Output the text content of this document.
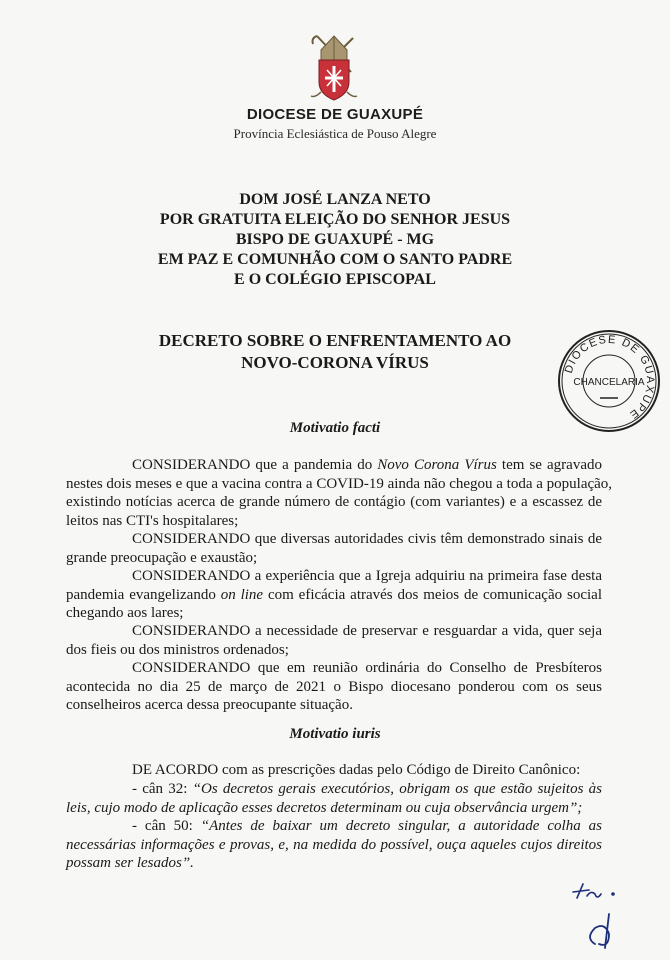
DIOCESE DE GUAXUPÉ
Província Eclesiástica de Pouso Alegre
DOM JOSÉ LANZA NETO
POR GRATUITA ELEIÇÃO DO SENHOR JESUS
BISPO DE GUAXUPÉ - MG
EM PAZ E COMUNHÃO COM O SANTO PADRE
E O COLÉGIO EPISCOPAL
DECRETO SOBRE O ENFRENTAMENTO AO
NOVO-CORONA VÍRUS	DIOCESE DE GUAXUPÉ
CHANCELARIA
Motivatio facti
CONSIDERANDO que a pandemia do Novo Corona Vírus tem se agravado
nestes dois meses e que a vacina contra a COVID-19 ainda não chegou a toda a população,
existindo notícias acerca de grande número de contágio (com variantes) e a escassez de
leitos nas CTI's hospitalares;
CONSIDERANDO que diversas autoridades civis têm demonstrado sinais de
grande preocupação e exaustão;
CONSIDERANDO a experiência que a Igreja adquiriu na primeira fase desta
pandemia evangelizando on line com eficácia através dos meios de comunicação social
chegando aos lares;
CONSIDERANDO a necessidade de preservar e resguardar a vida, quer seja
dos fieis ou dos ministros ordenados;
CONSIDERANDO que em reunião ordinária do Conselho de Presbíteros
acontecida no dia 25 de março de 2021 o Bispo diocesano ponderou com os seus
conselheiros acerca dessa preocupante situação.
Motivatio iuris
DE ACORDO com as prescrições dadas pelo Código de Direito Canônico:
- cân 32: “Os decretos gerais executórios, obrigam os que estão sujeitos às
leis, cujo modo de aplicação esses decretos determinam ou cuja observância urgem”;
- cân 50: “Antes de baixar um decreto singular, a autoridade colha as
necessárias informações e provas, e, na medida do possível, ouça aqueles cujos direitos
possam ser lesados”.
